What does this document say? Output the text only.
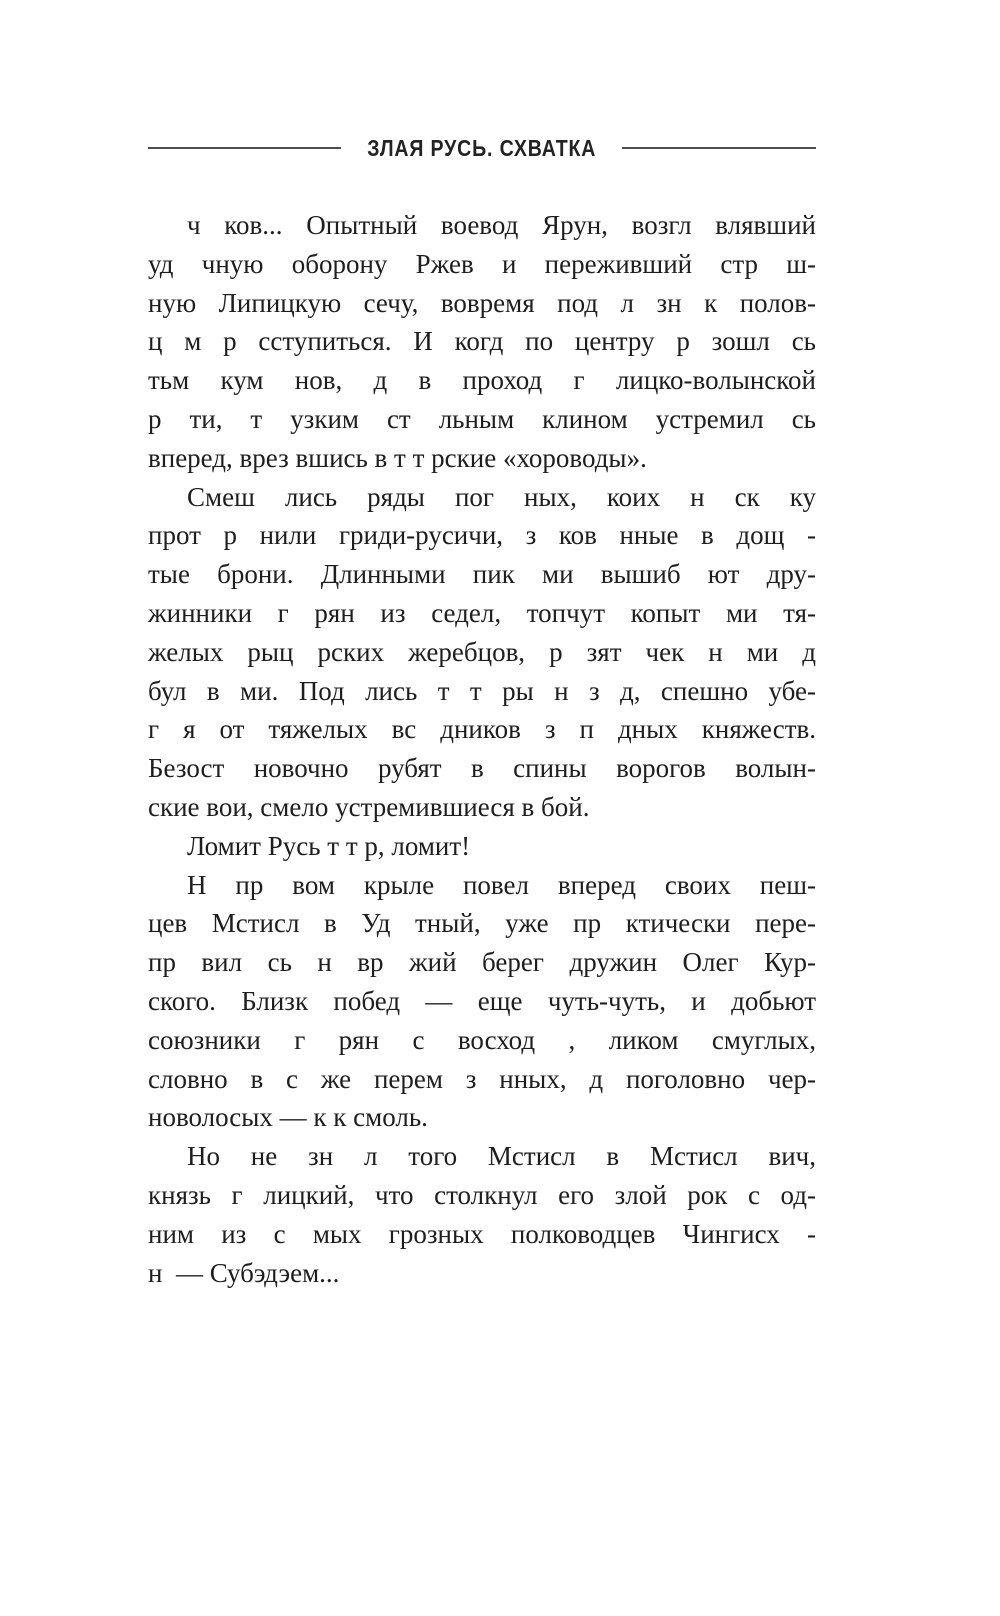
ЗЛАЯ РУСЬ. СХВАТКА
ч ков... Опытный воевод Ярун, возгл влявший
уд чную оборону Ржев и переживший стр ш-
ную Липицкую сечу, вовремя под л зн к полов-
ц м р сступиться. И когд по центру р зошл сь
тьм кум нов, д в проход г лицко-волынской
р ти, т узким ст льным клином устремил сь
вперед, врез вшись в т т рские «хороводы».
Смеш лись ряды пог ных, коих н ск ку
прот р нили гриди-русичи, з ков нные в дощ -
тые брони. Длинными пик ми вышиб ют дру-
жинники г рян из седел, топчут копыт ми тя-
желых рыц рских жеребцов, р зят чек н ми д
бул в ми. Под лись т т ры н з д, спешно убе-
г я от тяжелых вс дников з п дных княжеств.
Безост новочно рубят в спины ворогов волын-
ские вои, смело устремившиеся в бой.
Ломит Русь т т р, ломит!
Н пр вом крыле повел вперед своих пеш-
цев Мстисл в Уд тный, уже пр ктически пере-
пр вил сь н вр жий берег дружин Олег Кур-
ского. Близк побед — еще чуть-чуть, и добьют
союзники г рян с восход , ликом смуглых,
словно в с же перем з нных, д поголовно чер-
новолосых — к к смоль.
Но не зн л того Мстисл в Мстисл вич,
князь г лицкий, что столкнул его злой рок с од-
ним из с мых грозных полководцев Чингисх -
н  — Субэдэем...
